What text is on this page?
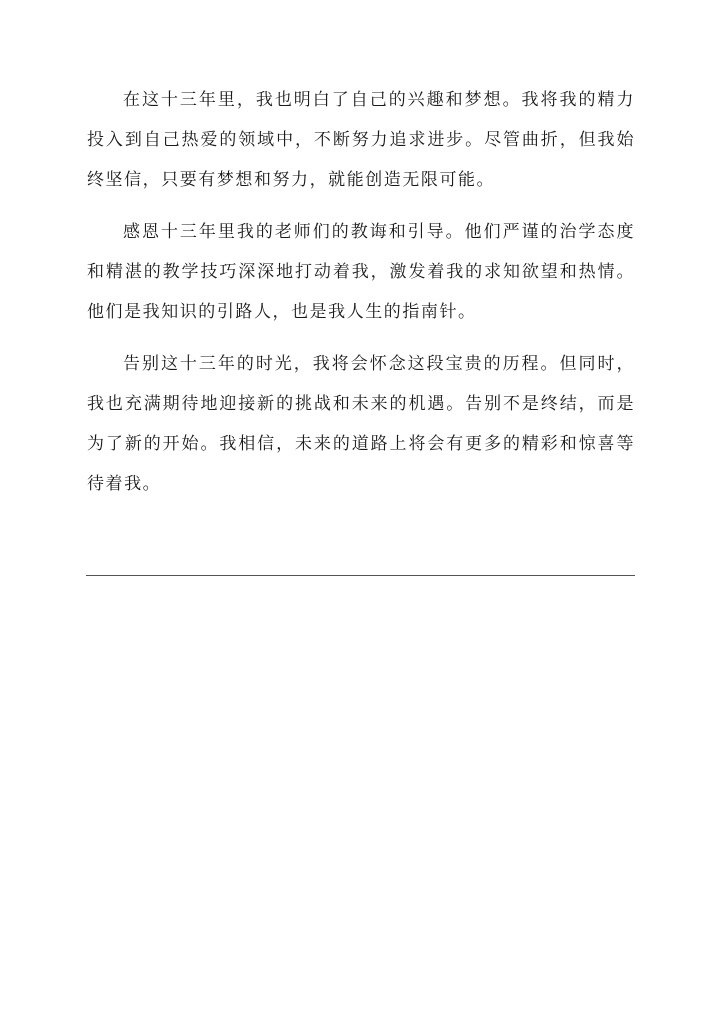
在这十三年里，我也明白了自己的兴趣和梦想。我将我的精力投入到自己热爱的领域中，不断努力追求进步。尽管曲折，但我始终坚信，只要有梦想和努力，就能创造无限可能。

感恩十三年里我的老师们的教诲和引导。他们严谨的治学态度和精湛的教学技巧深深地打动着我，激发着我的求知欲望和热情。他们是我知识的引路人，也是我人生的指南针。

告别这十三年的时光，我将会怀念这段宝贵的历程。但同时，我也充满期待地迎接新的挑战和未来的机遇。告别不是终结，而是为了新的开始。我相信，未来的道路上将会有更多的精彩和惊喜等待着我。
